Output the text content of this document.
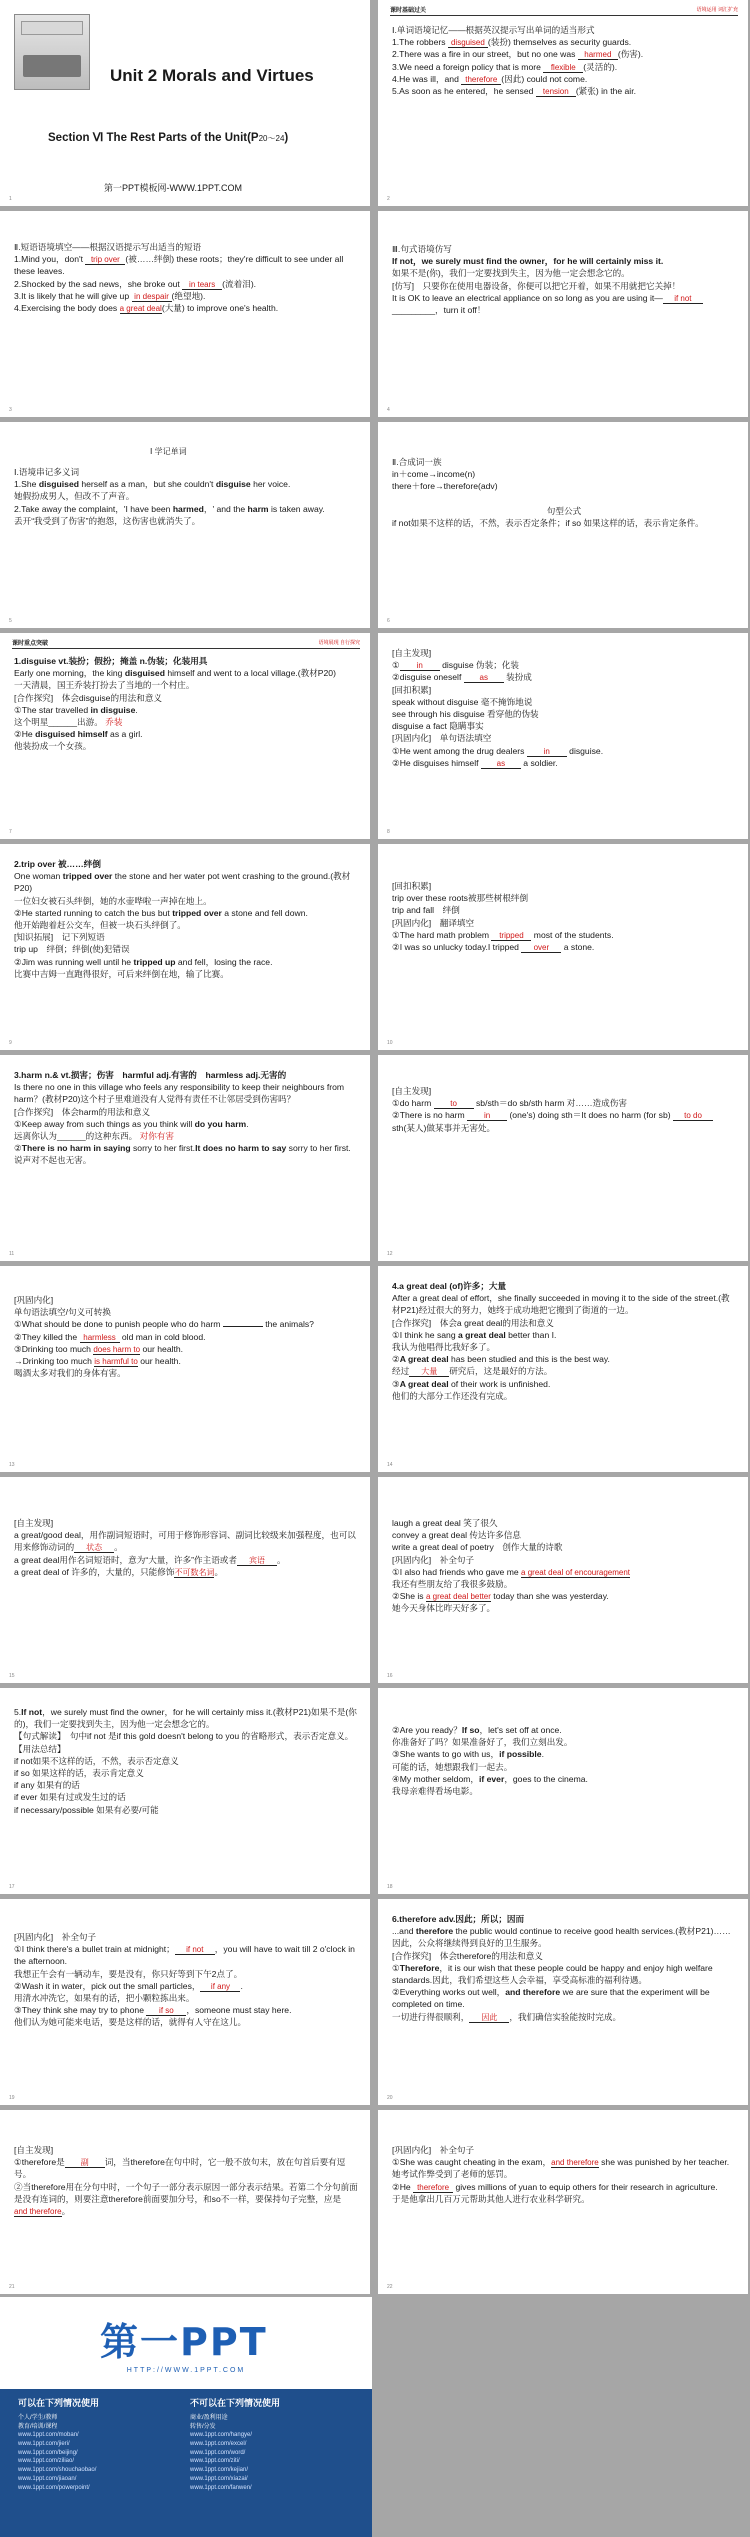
Unit 2 Morals and Virtues
Section Ⅵ The Rest Parts of the Unit(P20～24)
第一PPT模板网-WWW.1PPT.COM
1
课时基础过关	语境运用 词汇扩充
Ⅰ.单词语境记忆——根据英汉提示写出单词的适当形式
1.The robbers disguised (装扮) themselves as security guards.
2.There was a fire in our street，but no one was harmed (伤害).
3.We need a foreign policy that is more flexible (灵活的).
4.He was ill，and therefore (因此) could not come.
5.As soon as he entered，he sensed tension (紧张) in the air.
2
Ⅱ.短语语境填空——根据汉语提示写出适当的短语
1.Mind you，don't trip over (被……绊倒) these roots；they're difficult to see under all these leaves.
2.Shocked by the sad news，she broke out in tears (流着泪).
3.It is likely that he will give up in despair (绝望地).
4.Exercising the body does a great deal(大量) to improve one's health.
3
Ⅲ.句式语境仿写
If not，we surely must find the owner，for he will certainly miss it.
如果不是(你)，我们一定要找到失主，因为他一定会想念它的。
[仿写]　只要你在使用电器设备，你便可以把它开着，如果不用就把它关掉！
It is OK to leave an electrical appliance on so long as you are using it— if not
_________，turn it off！
4
Ⅰ 学记单词
Ⅰ.语境串记多义词
1.She disguised herself as a man，but she couldn't disguise her voice.
她假扮成男人，但改不了声音。
2.Take away the complaint，'I have been harmed，' and the harm is taken away.
丢开“我受到了伤害”的抱怨，这伤害也就消失了。
5
Ⅱ.合成词一族
in＋come→income(n)
there＋fore→therefore(adv)
句型公式
if not如果不这样的话，不然，表示否定条件；if so 如果这样的话，表示肯定条件。
6
课时重点突破	语境展现 自行探究
1.disguise vt.装扮；假扮；掩盖 n.伪装；化装用具
Early one morning，the king disguised himself and went to a local village.(教材P20)
一天清晨，国王乔装打扮去了当地的一个村庄。
[合作探究]　体会disguise的用法和意义
①The star travelled in disguise.
这个明星______出游。 乔装
②He disguised himself as a girl.
他装扮成一个女孩。
7
[自主发现]
① in disguise 伪装；化装
②disguise oneself as 装扮成
[回扣积累]
speak without disguise 毫不掩饰地说
see through his disguise 看穿他的伪装
disguise a fact 隐瞒事实
[巩固内化]　单句语法填空
①He went among the drug dealers in disguise.
②He disguises himself as a soldier.
8
2.trip over 被……绊倒
One woman tripped over the stone and her water pot went crashing to the ground.(教材P20)
一位妇女被石头绊倒，她的水壶哗啦一声掉在地上。
②He started running to catch the bus but tripped over a stone and fell down.
他开始跑着赶公交车，但被一块石头绊倒了。
[知识拓展]　记下列短语
trip up　绊倒；绊倒(使)犯错误
②Jim was running well until he tripped up and fell，losing the race.
比赛中吉姆一直跑得很好，可后来绊倒在地，输了比赛。
9
[回扣积累]
trip over these roots被那些树根绊倒
trip and fall　绊倒
[巩固内化]　翻译填空
①The hard math problem tripped most of the students.
②I was so unlucky today.I tripped over a stone.
10
3.harm n.& vt.损害；伤害　harmful adj.有害的　harmless adj.无害的
Is there no one in this village who feels any responsibility to keep their neighbours from harm？(教材P20)这个村子里难道没有人觉得有责任不让邻居受到伤害吗？
[合作探究]　体会harm的用法和意义
①Keep away from such things as you think will do you harm.
远离你认为______的这种东西。 对你有害
②There is no harm in saying sorry to her first.It does no harm to say sorry to her first.说声对不起也无害。
11
[自主发现]
①do harm to sb/sth＝do sb/sth harm 对……造成伤害
②There is no harm in (one's) doing sth＝It does no harm (for sb) to do sth(某人)做某事并无害处。
12
[巩固内化]
单句语法填空/句义可转换
①What should be done to punish people who do harm	the animals?
②They killed the harmless old man in cold blood.
③Drinking too much does harm to our health.
→Drinking too much is harmful to our health.
喝酒太多对我们的身体有害。
13
4.a great deal (of)许多；大量
After a great deal of effort，she finally succeeded in moving it to the side of the street.(教材P21)经过很大的努力，她终于成功地把它搬到了街道的一边。
[合作探究]　体会a great deal的用法和意义
①I think he sang a great deal better than I.
我认为他唱得比我好多了。
②A great deal has been studied and this is the best way.
经过 大量 研究后，这是最好的方法。
③A great deal of their work is unfinished.
他们的大部分工作还没有完成。
14
[自主发现]
a great/good deal，用作副词短语时，可用于修饰形容词、副词比较级来加强程度，也可以用来修饰动词的 状态 。
a great deal用作名词短语时，意为“大量，许多”作主语或者 宾语 。
a great deal of 许多的，大量的，只能修饰不可数名词。
15
laugh a great deal 笑了很久
convey a great deal 传达许多信息
write a great deal of poetry　创作大量的诗歌
[巩固内化]　补全句子
①I also had friends who gave me a great deal of encouragement
我还有些朋友给了我很多鼓励。
②She is a great deal better today than she was yesterday.
她今天身体比昨天好多了。
16
5.If not，we surely must find the owner，for he will certainly miss it.(教材P21)如果不是(你的)，我们一定要找到失主，因为他一定会想念它的。
【句式解读】　句中if not 是if this gold doesn't belong to you 的省略形式，表示否定意义。
【用法总结】
if not如果不这样的话，不然，表示否定意义
if so 如果这样的话，表示肯定意义
if any 如果有的话
if ever 如果有过或发生过的话
if necessary/possible 如果有必要/可能
17
②Are you ready？If so，let's set off at once.
你准备好了吗？如果准备好了，我们立刻出发。
③She wants to go with us，if possible.
可能的话，她想跟我们一起去。
④My mother seldom，if ever，goes to the cinema.
我母亲难得看场电影。
18
[巩固内化]　补全句子
①I think there's a bullet train at midnight； if not ，you will have to wait till 2 o'clock in the afternoon.
我想正午会有一辆动车，要是没有，你只好等到下午2点了。
②Wash it in water，pick out the small particles， if any .
用清水冲洗它，如果有的话，把小颗粒拣出来。
③They think she may try to phone if so ，someone must stay here.
他们认为她可能来电话，要是这样的话，就得有人守在这儿。
19
6.therefore adv.因此；所以；因而
...and therefore the public would continue to receive good health services.(教材P21)……因此，公众将继续得到良好的卫生服务。
[合作探究]　体会therefore的用法和意义
①Therefore，it is our wish that these people could be happy and enjoy high welfare standards.因此，我们希望这些人会幸福，享受高标准的福利待遇。
②Everything works out well，and therefore we are sure that the experiment will be completed on time.
一切进行得很顺利， 因此 ，我们确信实验能按时完成。
20
[自主发现]
①therefore是 副 词，当therefore在句中时，它一般不放句末，放在句首后要有逗号。
②当therefore用在分句中时，一个句子一部分表示原因一部分表示结果。若第二个分句前面是没有连词的，则要注意therefore前面要加分号，和so不一样，要保持句子完整，应是and therefore。
21
[巩固内化]　补全句子
①She was caught cheating in the exam，and therefore she was punished by her teacher.
她考试作弊受到了老师的惩罚。
②He therefore gives millions of yuan to equip others for their research in agriculture.
于是他拿出几百万元帮助其他人进行农业科学研究。
22
第一PPT
HTTP://WWW.1PPT.COM
可以在下列情况使用
个人/学生/教师
教育/培训/课程
www.1ppt.com/moban/
www.1ppt.com/jieri/
www.1ppt.com/beijing/
www.1ppt.com/ziliao/
www.1ppt.com/shouchaobao/
www.1ppt.com/jiaoan/
www.1ppt.com/powerpoint/
不可以在下列情况使用
商业/盈利用途
转售/分发
www.1ppt.com/hangye/
www.1ppt.com/excel/
www.1ppt.com/word/
www.1ppt.com/ziti/
www.1ppt.com/kejian/
www.1ppt.com/xiazai/
www.1ppt.com/fanwen/
